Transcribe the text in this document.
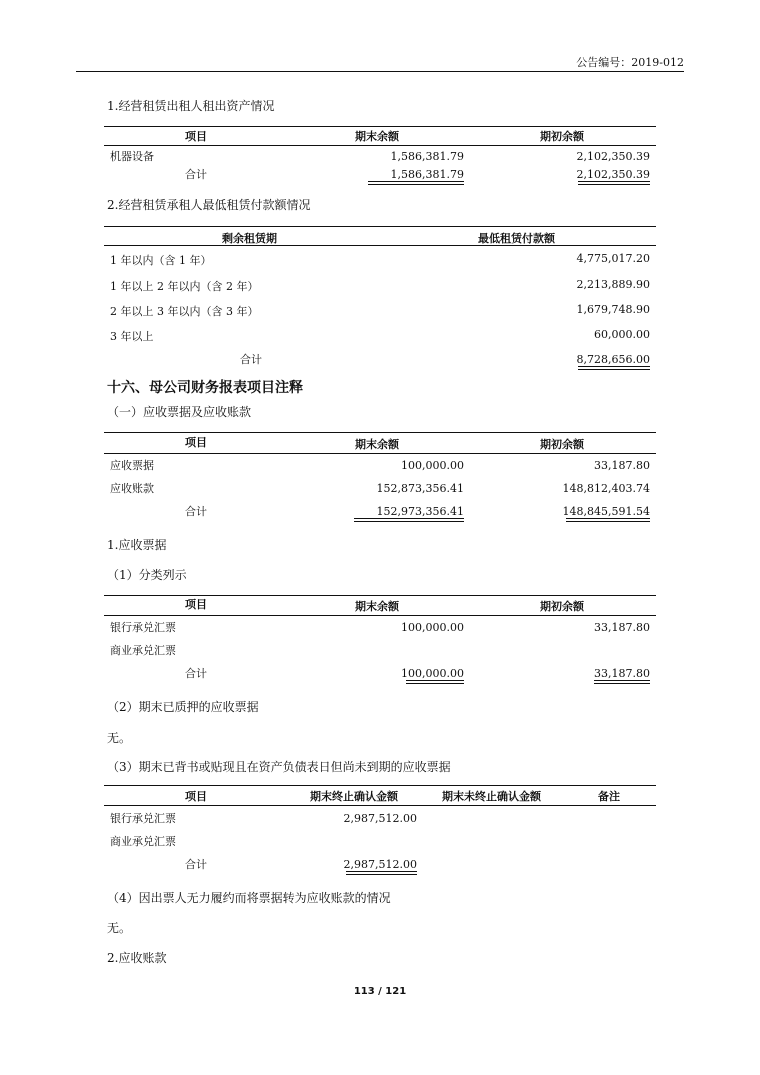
公告编号：2019-012
1.经营租赁出租人租出资产情况
项目	期末余额	期初余额
机器设备	1,586,381.79	2,102,350.39
合计	1,586,381.79	2,102,350.39
2.经营租赁承租人最低租赁付款额情况
剩余租赁期	最低租赁付款额
1 年以内（含 1 年）	4,775,017.20
1 年以上 2 年以内（含 2 年）	2,213,889.90
2 年以上 3 年以内（含 3 年）	1,679,748.90
3 年以上	60,000.00
合计	8,728,656.00
十六、母公司财务报表项目注释
（一）应收票据及应收账款
项目	期末余额	期初余额
应收票据	100,000.00	33,187.80
应收账款	152,873,356.41	148,812,403.74
合计	152,973,356.41	148,845,591.54
1.应收票据
（1）分类列示
项目	期末余额	期初余额
银行承兑汇票	100,000.00	33,187.80
商业承兑汇票
合计	100,000.00	33,187.80
（2）期末已质押的应收票据
无。
（3）期末已背书或贴现且在资产负债表日但尚未到期的应收票据
项目	期末终止确认金额	期末未终止确认金额	备注
银行承兑汇票	2,987,512.00
商业承兑汇票
合计	2,987,512.00
（4）因出票人无力履约而将票据转为应收账款的情况
无。
2.应收账款
113 / 121
